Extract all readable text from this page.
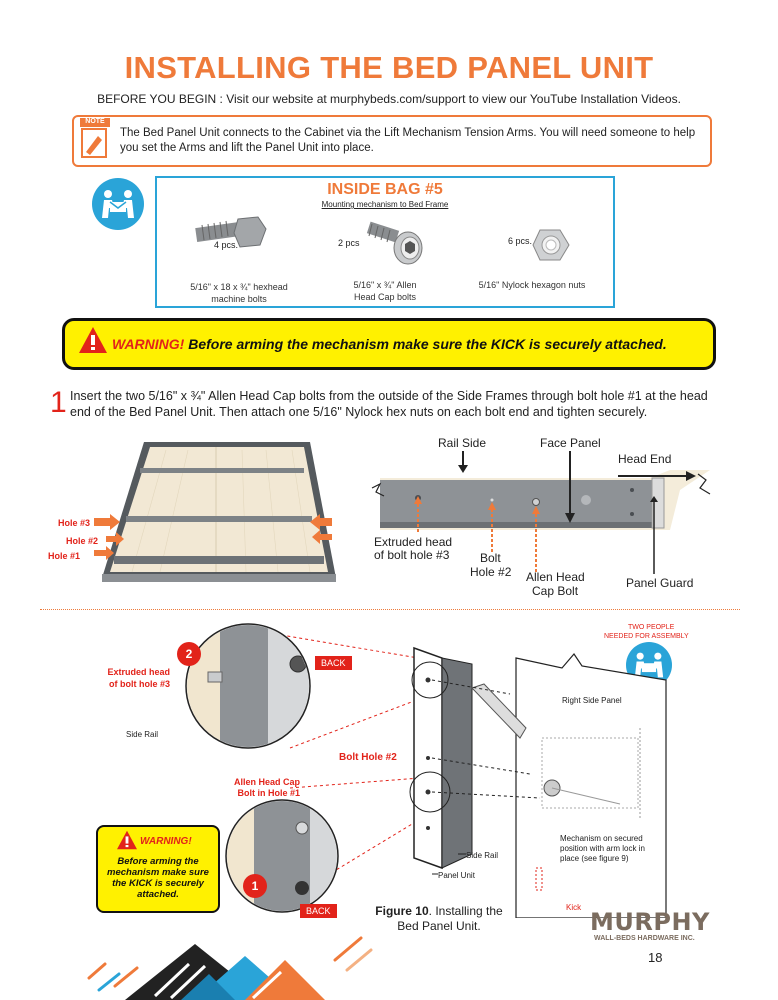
INSTALLING THE BED PANEL UNIT
BEFORE YOU BEGIN : Visit our website at murphybeds.com/support to view our YouTube Installation Videos.
NOTE
The Bed Panel Unit connects to the Cabinet via the Lift Mechanism Tension Arms. You will need someone to help you set the Arms and lift the Panel Unit into place.
INSIDE BAG #5
Mounting mechanism to Bed Frame
4 pcs.
5/16" x 18 x ¾" hexhead
machine bolts
2 pcs
5/16" x ¾" Allen
Head Cap bolts
6 pcs.
5/16" Nylock hexagon nuts
WARNING! Before arming the mechanism make sure the KICK is securely attached.
1 Insert the two 5/16" x ¾" Allen Head Cap bolts from the outside of the Side Frames through bolt hole #1 at the head end of the Bed Panel Unit. Then attach one 5/16" Nylock hex nuts on each bolt end and tighten securely.
Hole #3
Hole #2
Hole #1
Rail Side	Face Panel
Head End
Extruded head
of bolt hole #3	Bolt
Hole #2 Allen Head
Cap Bolt
Panel Guard
TWO PEOPLE
NEEDED FOR ASSEMBLY
2
1
Extruded head
of bolt hole #3
BACK
BACK
Side Rail
Bolt Hole #2
Allen Head Cap
Bolt in Hole #1
Right Side Panel
Mechanism on secured
position with arm lock in
place (see figure 9)
Side Rail
Panel Unit
Kick
WARNING!
Before arming the mechanism make sure the KICK is securely attached.
Figure 10. Installing the
Bed Panel Unit.	MURPHY
WALL-BEDS HARDWARE INC.
18
